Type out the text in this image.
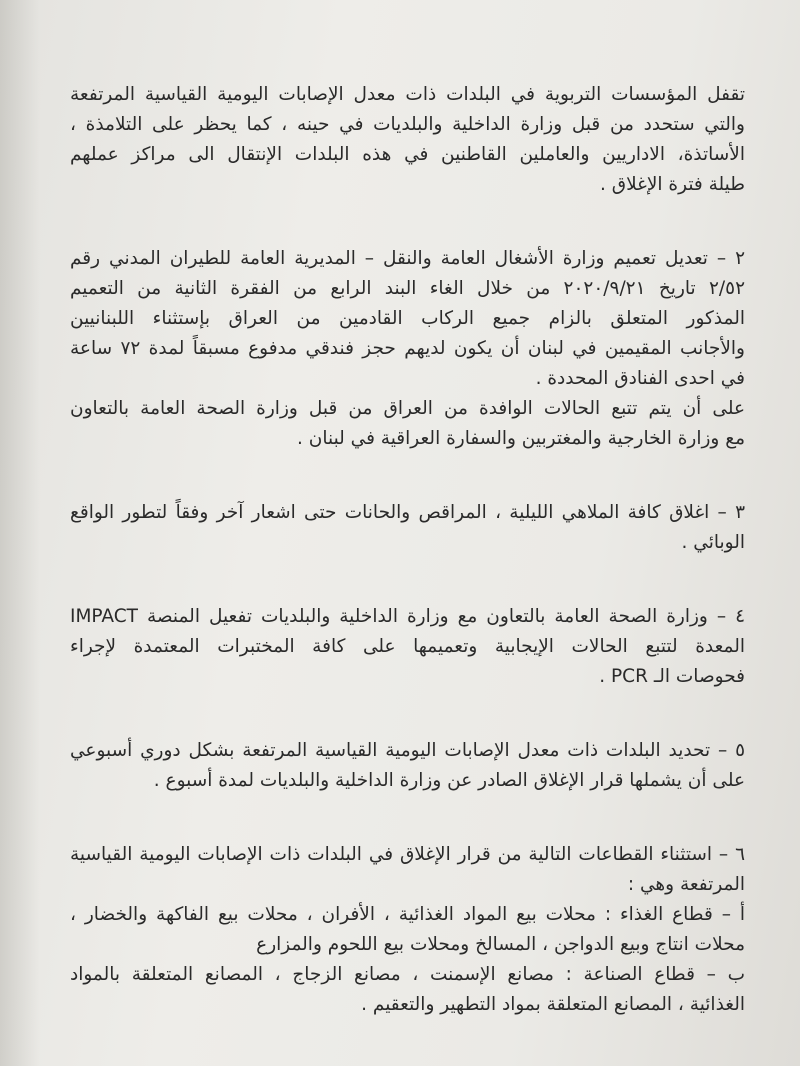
تقفل المؤسسات التربوية في البلدات ذات معدل الإصابات اليومية القياسية المرتفعة
والتي ستحدد من قبل وزارة الداخلية والبلديات في حينه ، كما يحظر على التلامذة ،
الأساتذة، الاداريين والعاملين القاطنين في هذه البلدات الإنتقال الى مراكز عملهم
طيلة فترة الإغلاق .
٢ – تعديل تعميم وزارة الأشغال العامة والنقل – المديرية العامة للطيران المدني رقم
٢/٥٢ تاريخ ٢٠٢٠/٩/٢١ من خلال الغاء البند الرابع من الفقرة الثانية من التعميم
المذكور المتعلق بالزام جميع الركاب القادمين من العراق بإستثناء اللبنانيين
والأجانب المقيمين في لبنان أن يكون لديهم حجز فندقي مدفوع مسبقاً لمدة ٧٢ ساعة
في احدى الفنادق المحددة .
على أن يتم تتبع الحالات الوافدة من العراق من قبل وزارة الصحة العامة بالتعاون
مع وزارة الخارجية والمغتربين والسفارة العراقية في لبنان .
٣ – اغلاق كافة الملاهي الليلية ، المراقص والحانات حتى اشعار آخر وفقاً لتطور الواقع
الوبائي .
٤ – وزارة الصحة العامة بالتعاون مع وزارة الداخلية والبلديات تفعيل المنصة IMPACT
المعدة لتتبع الحالات الإيجابية وتعميمها على كافة المختبرات المعتمدة لإجراء
فحوصات الـ PCR .
٥ – تحديد البلدات ذات معدل الإصابات اليومية القياسية المرتفعة بشكل دوري أسبوعي
على أن يشملها قرار الإغلاق الصادر عن وزارة الداخلية والبلديات لمدة أسبوع .
٦ – استثناء القطاعات التالية من قرار الإغلاق في البلدات ذات الإصابات اليومية القياسية
المرتفعة وهي :
أ – قطاع الغذاء : محلات بيع المواد الغذائية ، الأفران ، محلات بيع الفاكهة والخضار ،
محلات انتاج وبيع الدواجن ، المسالخ ومحلات بيع اللحوم والمزارع
ب – قطاع الصناعة : مصانع الإسمنت ، مصانع الزجاج ، المصانع المتعلقة بالمواد
الغذائية ، المصانع المتعلقة بمواد التطهير والتعقيم .
